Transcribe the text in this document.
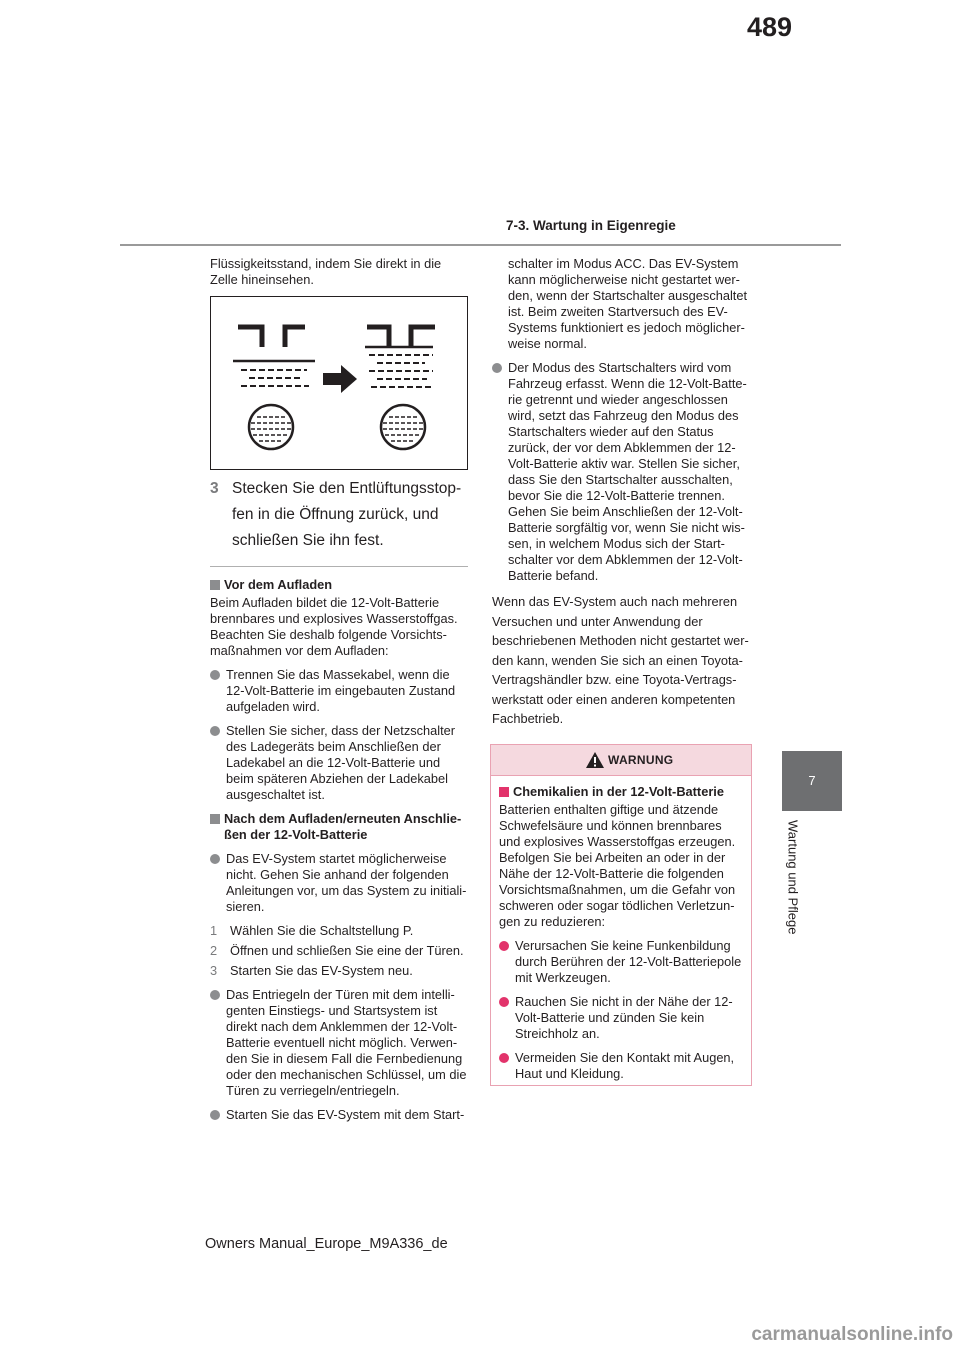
489
7-3. Wartung in Eigenregie
7
Wartung und Pflege

Flüssigkeitsstand, indem Sie direkt in die Zelle hineinsehen.

3 Stecken Sie den Entlüftungsstop-fen in die Öffnung zurück, und schließen Sie ihn fest.
Vor dem Aufladen

Beim Aufladen bildet die 12-Volt-Batterie brennbares und explosives Wasserstoffgas. Beachten Sie deshalb folgende Vorsichts-maßnahmen vor dem Aufladen:

Trennen Sie das Massekabel, wenn die 12-Volt-Batterie im eingebauten Zustand aufgeladen wird.
Stellen Sie sicher, dass der Netzschalter des Ladegeräts beim Anschließen der Ladekabel an die 12-Volt-Batterie und beim späteren Abziehen der Ladekabel ausgeschaltet ist.
Nach dem Aufladen/erneuten Anschlie-ßen der 12-Volt-Batterie
Das EV-System startet möglicherweise nicht. Gehen Sie anhand der folgenden Anleitungen vor, um das System zu initiali-sieren.
1	Wählen Sie die Schaltstellung P.
2	Öffnen und schließen Sie eine der Türen.
3	Starten Sie das EV-System neu.
Das Entriegeln der Türen mit dem intelli-genten Einstiegs- und Startsystem ist direkt nach dem Anklemmen der 12-Volt-Batterie eventuell nicht möglich. Verwen-den Sie in diesem Fall die Fernbedienung oder den mechanischen Schlüssel, um die Türen zu verriegeln/entriegeln.
Starten Sie das EV-System mit dem Start-

schalter im Modus ACC. Das EV-System kann möglicherweise nicht gestartet wer-den, wenn der Startschalter ausgeschaltet ist. Beim zweiten Startversuch des EV-Systems funktioniert es jedoch möglicher-weise normal.

Der Modus des Startschalters wird vom Fahrzeug erfasst. Wenn die 12-Volt-Batte-rie getrennt und wieder angeschlossen wird, setzt das Fahrzeug den Modus des Startschalters wieder auf den Status zurück, der vor dem Abklemmen der 12-Volt-Batterie aktiv war. Stellen Sie sicher, dass Sie den Startschalter ausschalten, bevor Sie die 12-Volt-Batterie trennen. Gehen Sie beim Anschließen der 12-Volt-Batterie sorgfältig vor, wenn Sie nicht wis-sen, in welchem Modus sich der Start-schalter vor dem Abklemmen der 12-Volt-Batterie befand.

Wenn das EV-System auch nach mehreren Versuchen und unter Anwendung der beschriebenen Methoden nicht gestartet wer-den kann, wenden Sie sich an einen Toyota-Vertragshändler bzw. eine Toyota-Vertrags-werkstatt oder einen anderen kompetenten Fachbetrieb.

WARNUNG
Chemikalien in der 12-Volt-Batterie

Batterien enthalten giftige und ätzende Schwefelsäure und können brennbares und explosives Wasserstoffgas erzeugen. Befolgen Sie bei Arbeiten an oder in der Nähe der 12-Volt-Batterie die folgenden Vorsichtsmaßnahmen, um die Gefahr von schweren oder sogar tödlichen Verletzun-gen zu reduzieren:

Verursachen Sie keine Funkenbildung durch Berühren der 12-Volt-Batteriepole mit Werkzeugen.
Rauchen Sie nicht in der Nähe der 12-Volt-Batterie und zünden Sie kein Streichholz an.
Vermeiden Sie den Kontakt mit Augen, Haut und Kleidung.
Owners Manual_Europe_M9A336_de
carmanualsonline.info
